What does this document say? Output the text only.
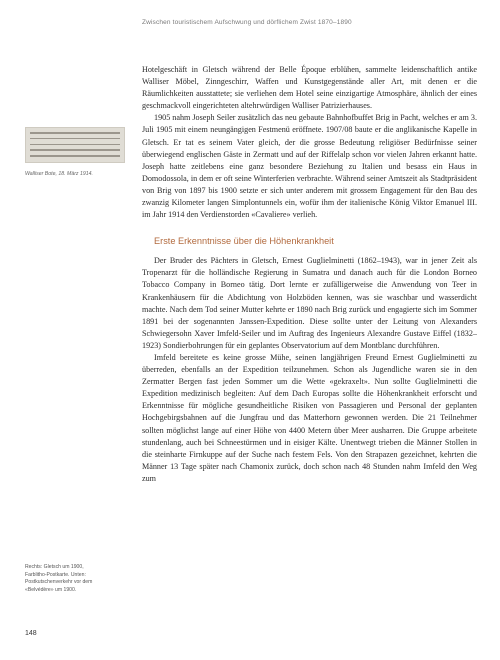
Zwischen touristischem Aufschwung und dörflichem Zwist 1870–1890
Walliser Bote, 18. März 1914.

Hotelgeschäft in Gletsch während der Belle Époque erblühen, sammelte leidenschaftlich antike Walliser Möbel, Zinngeschirr, Waffen und Kunstgegenstände aller Art, mit denen er die Räumlichkeiten ausstattete; sie verliehen dem Hotel seine einzigartige Atmosphäre, ähnlich der eines geschmackvoll eingerichteten altehrwürdigen Walliser Patrizierhauses.

1905 nahm Joseph Seiler zusätzlich das neu gebaute Bahnhofbuffet Brig in Pacht, welches er am 3. Juli 1905 mit einem neungängigen Festmenü eröffnete. 1907/08 baute er die anglikanische Kapelle in Gletsch. Er tat es seinem Vater gleich, der die grosse Bedeutung religiöser Bedürfnisse seiner überwiegend englischen Gäste in Zermatt und auf der Riffelalp schon vor vielen Jahren erkannt hatte. Joseph hatte zeitlebens eine ganz besondere Beziehung zu Italien und besass ein Haus in Domodossola, in dem er oft seine Winterferien verbrachte. Während seiner Amtszeit als Stadtpräsident von Brig von 1897 bis 1900 setzte er sich unter anderem mit grossem Engagement für den Bau des zwanzig Kilometer langen Simplontunnels ein, wofür ihm der italienische König Viktor Emanuel III. im Jahr 1914 den Verdienstorden «Cavaliere» verlieh.

Erste Erkenntnisse über die Höhenkrankheit

Der Bruder des Pächters in Gletsch, Ernest Guglielminetti (1862–1943), war in jener Zeit als Tropenarzt für die holländische Regierung in Sumatra und danach auch für die London Borneo Tobacco Company in Borneo tätig. Dort lernte er zufälligerweise die Anwendung von Teer in Krankenhäusern für die Abdichtung von Holzböden kennen, was sie waschbar und wasserdicht machte. Nach dem Tod seiner Mutter kehrte er 1890 nach Brig zurück und engagierte sich im Sommer 1891 bei der sogenannten Janssen-Expedition. Diese sollte unter der Leitung von Alexanders Schwiegersohn Xaver Imfeld-Seiler und im Auftrag des Ingenieurs Alexandre Gustave Eiffel (1832–1923) Sondierbohrungen für ein geplantes Observatorium auf dem Montblanc durchführen.

Imfeld bereitete es keine grosse Mühe, seinen langjährigen Freund Ernest Guglielminetti zu überreden, ebenfalls an der Expedition teilzunehmen. Schon als Jugendliche waren sie in den Zermatter Bergen fast jeden Sommer um die Wette «gekraxelt». Nun sollte Guglielminetti die Expedition medizinisch begleiten: Auf dem Dach Europas sollte die Höhenkrankheit erforscht und Erkenntnisse für mögliche gesundheitliche Risiken von Passagieren und Personal der geplanten Hochgebirgsbahnen auf die Jungfrau und das Matterhorn gewonnen werden. Die 21 Teilnehmer sollten möglichst lange auf einer Höhe von 4400 Metern über Meer ausharren. Die Gruppe arbeitete stundenlang, auch bei Schneestürmen und in eisiger Kälte. Unentwegt trieben die Männer Stollen in die steinharte Firnkuppe auf der Suche nach festem Fels. Von den Strapazen gezeichnet, kehrten die Männer 13 Tage später nach Chamonix zurück, doch schon nach 48 Stunden nahm Imfeld den Weg zum

Rechts: Gletsch um 1900,
Farblitho-Postkarte. Unten:
Postkutschenverkehr vor dem
«Belvédère» um 1900.
148
